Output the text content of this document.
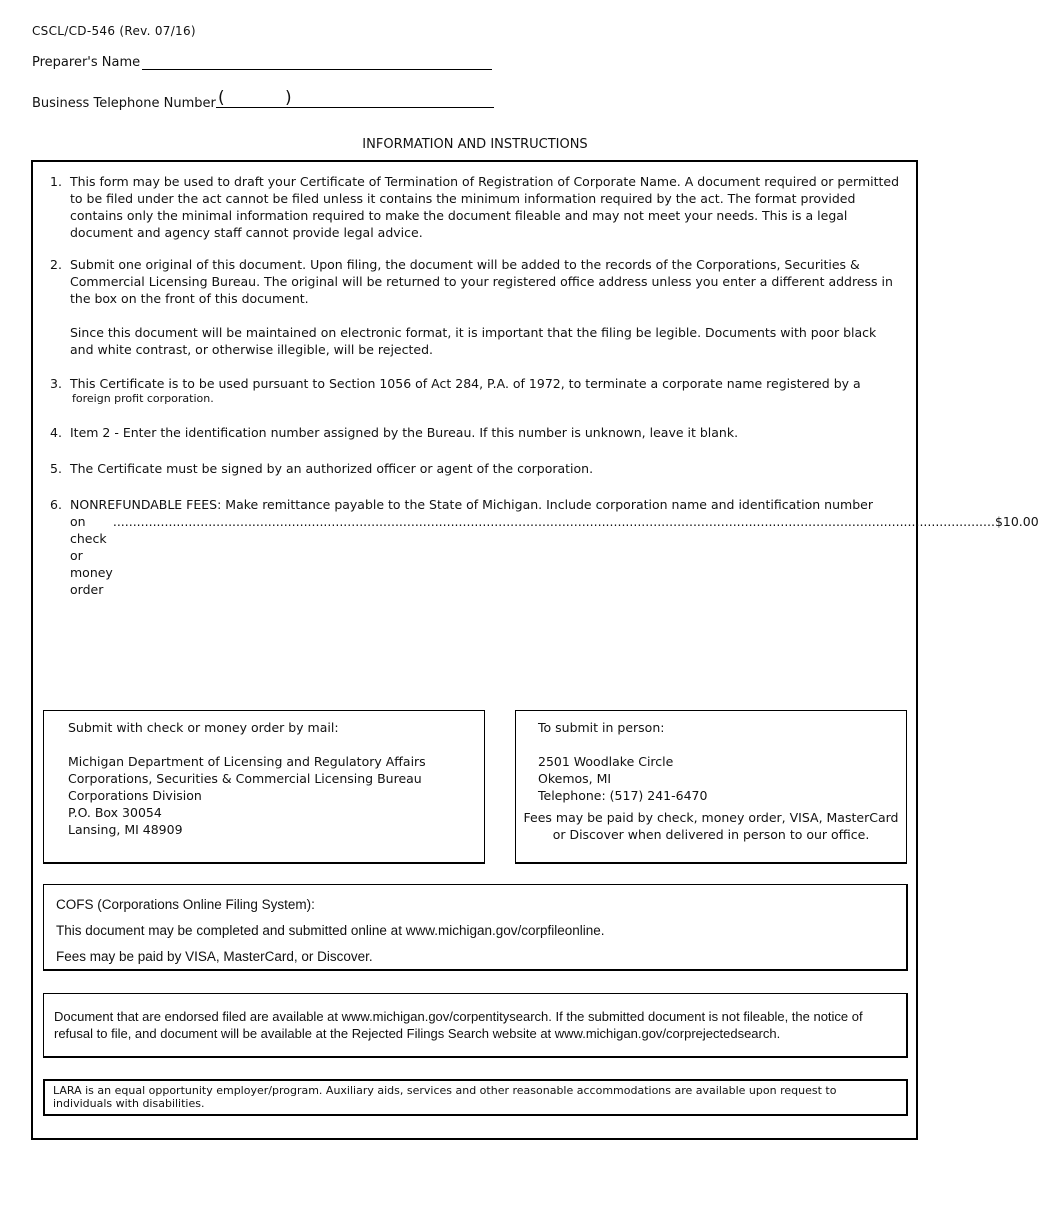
CSCL/CD-546 (Rev. 07/16)
Preparer's Name
Business Telephone Number (	)
INFORMATION AND INSTRUCTIONS
1. This form may be used to draft your Certificate of Termination of Registration of Corporate Name. A document required or permitted to be filed under the act cannot be filed unless it contains the minimum information required by the act. The format provided contains only the minimal information required to make the document fileable and may not meet your needs. This is a legal document and agency staff cannot provide legal advice.
2. Submit one original of this document. Upon filing, the document will be added to the records of the Corporations, Securities & Commercial Licensing Bureau. The original will be returned to your registered office address unless you enter a different address in the box on the front of this document.
Since this document will be maintained on electronic format, it is important that the filing be legible. Documents with poor black and white contrast, or otherwise illegible, will be rejected.
3. This Certificate is to be used pursuant to Section 1056 of Act 284, P.A. of 1972, to terminate a corporate name registered by a
foreign profit corporation.
4. Item 2 - Enter the identification number assigned by the Bureau. If this number is unknown, leave it blank.
5. The Certificate must be signed by an authorized officer or agent of the corporation.
6. NONREFUNDABLE FEES: Make remittance payable to the State of Michigan. Include corporation name and identification number
on check or money order
.............................................................................................................................................................................................................................. $10.00
Submit with check or money order by mail:
Michigan Department of Licensing and Regulatory Affairs
Corporations, Securities & Commercial Licensing Bureau
Corporations Division
P.O. Box 30054
Lansing, MI 48909
To submit in person:
2501 Woodlake Circle
Okemos, MI
Telephone: (517) 241-6470
Fees may be paid by check, money order, VISA, MasterCard
or Discover when delivered in person to our office.
COFS (Corporations Online Filing System):
This document may be completed and submitted online at www.michigan.gov/corpfileonline.
Fees may be paid by VISA, MasterCard, or Discover.

Document that are endorsed filed are available at www.michigan.gov/corpentitysearch. If the submitted document is not fileable, the notice of refusal to file, and document will be available at the Rejected Filings Search website at www.michigan.gov/corprejectedsearch.

LARA is an equal opportunity employer/program. Auxiliary aids, services and other reasonable accommodations are available upon request to individuals with disabilities.
